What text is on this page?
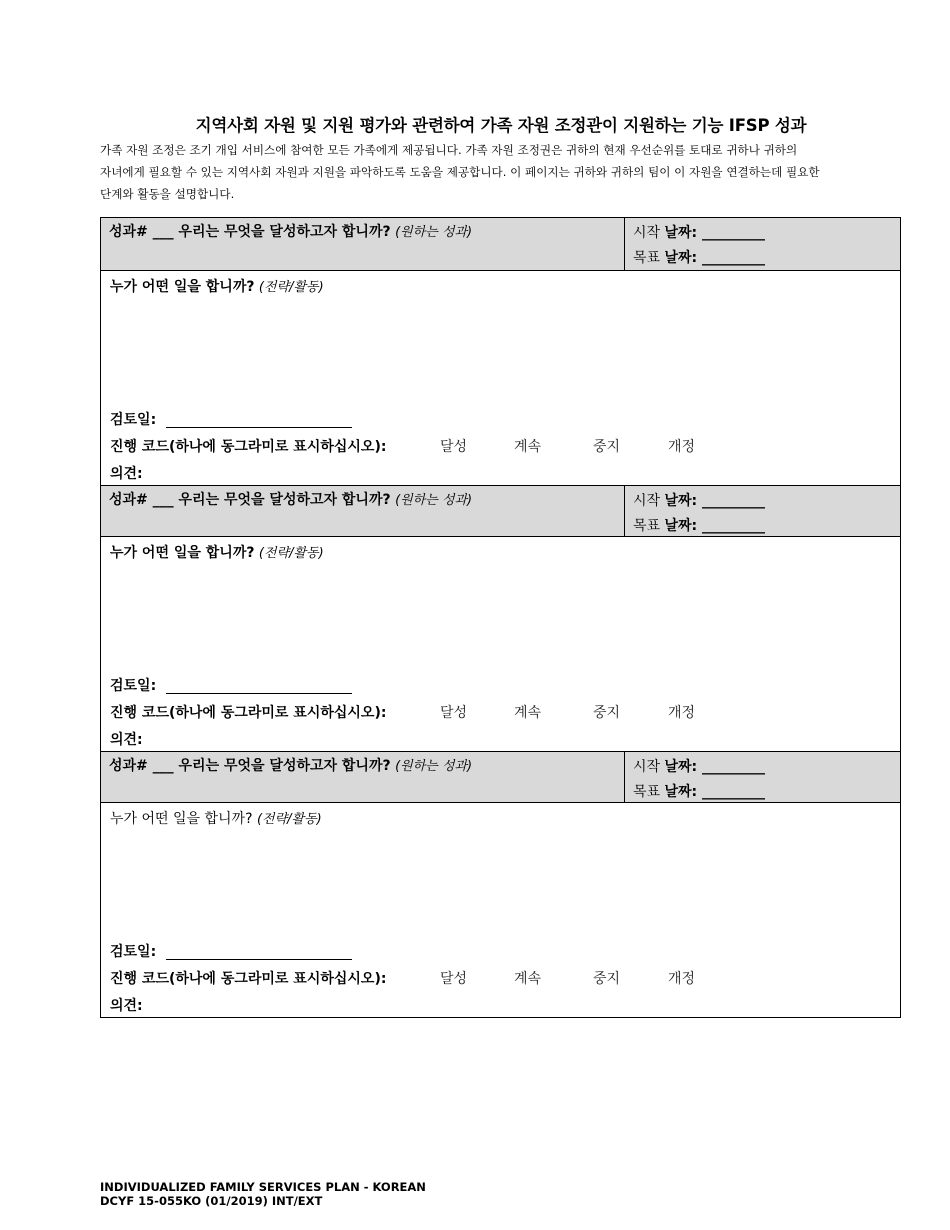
지역사회 자원 및 지원 평가와 관련하여 가족 자원 조정관이 지원하는 기능 IFSP 성과
가족 자원 조정은 조기 개입 서비스에 참여한 모든 가족에게 제공됩니다. 가족 자원 조정권은 귀하의 현재 우선순위를 토대로 귀하나 귀하의
자녀에게 필요할 수 있는 지역사회 자원과 지원을 파악하도록 도움을 제공합니다. 이 페이지는 귀하와 귀하의 팀이 이 자원을 연결하는데 필요한
단계와 활동을 설명합니다.
성과# ___ 우리는 무엇을 달성하고자 합니까? (원하는 성과)	시작 날짜: _________
목표 날짜: _________
누가 어떤 일을 합니까? (전략/활동)
검토일:
진행 코드(하나에 동그라미로 표시하십시오):	달성	계속	중지	개정
의견:
성과# ___ 우리는 무엇을 달성하고자 합니까? (원하는 성과)	시작 날짜: _________
목표 날짜: _________
누가 어떤 일을 합니까? (전략/활동)
검토일:
진행 코드(하나에 동그라미로 표시하십시오):	달성	계속	중지	개정
의견:
성과# ___ 우리는 무엇을 달성하고자 합니까? (원하는 성과)	시작 날짜: _________
목표 날짜: _________
누가 어떤 일을 합니까? (전략/활동)
검토일:
진행 코드(하나에 동그라미로 표시하십시오):	달성	계속	중지	개정
의견:
INDIVIDUALIZED FAMILY SERVICES PLAN - KOREAN
DCYF 15-055KO (01/2019) INT/EXT
